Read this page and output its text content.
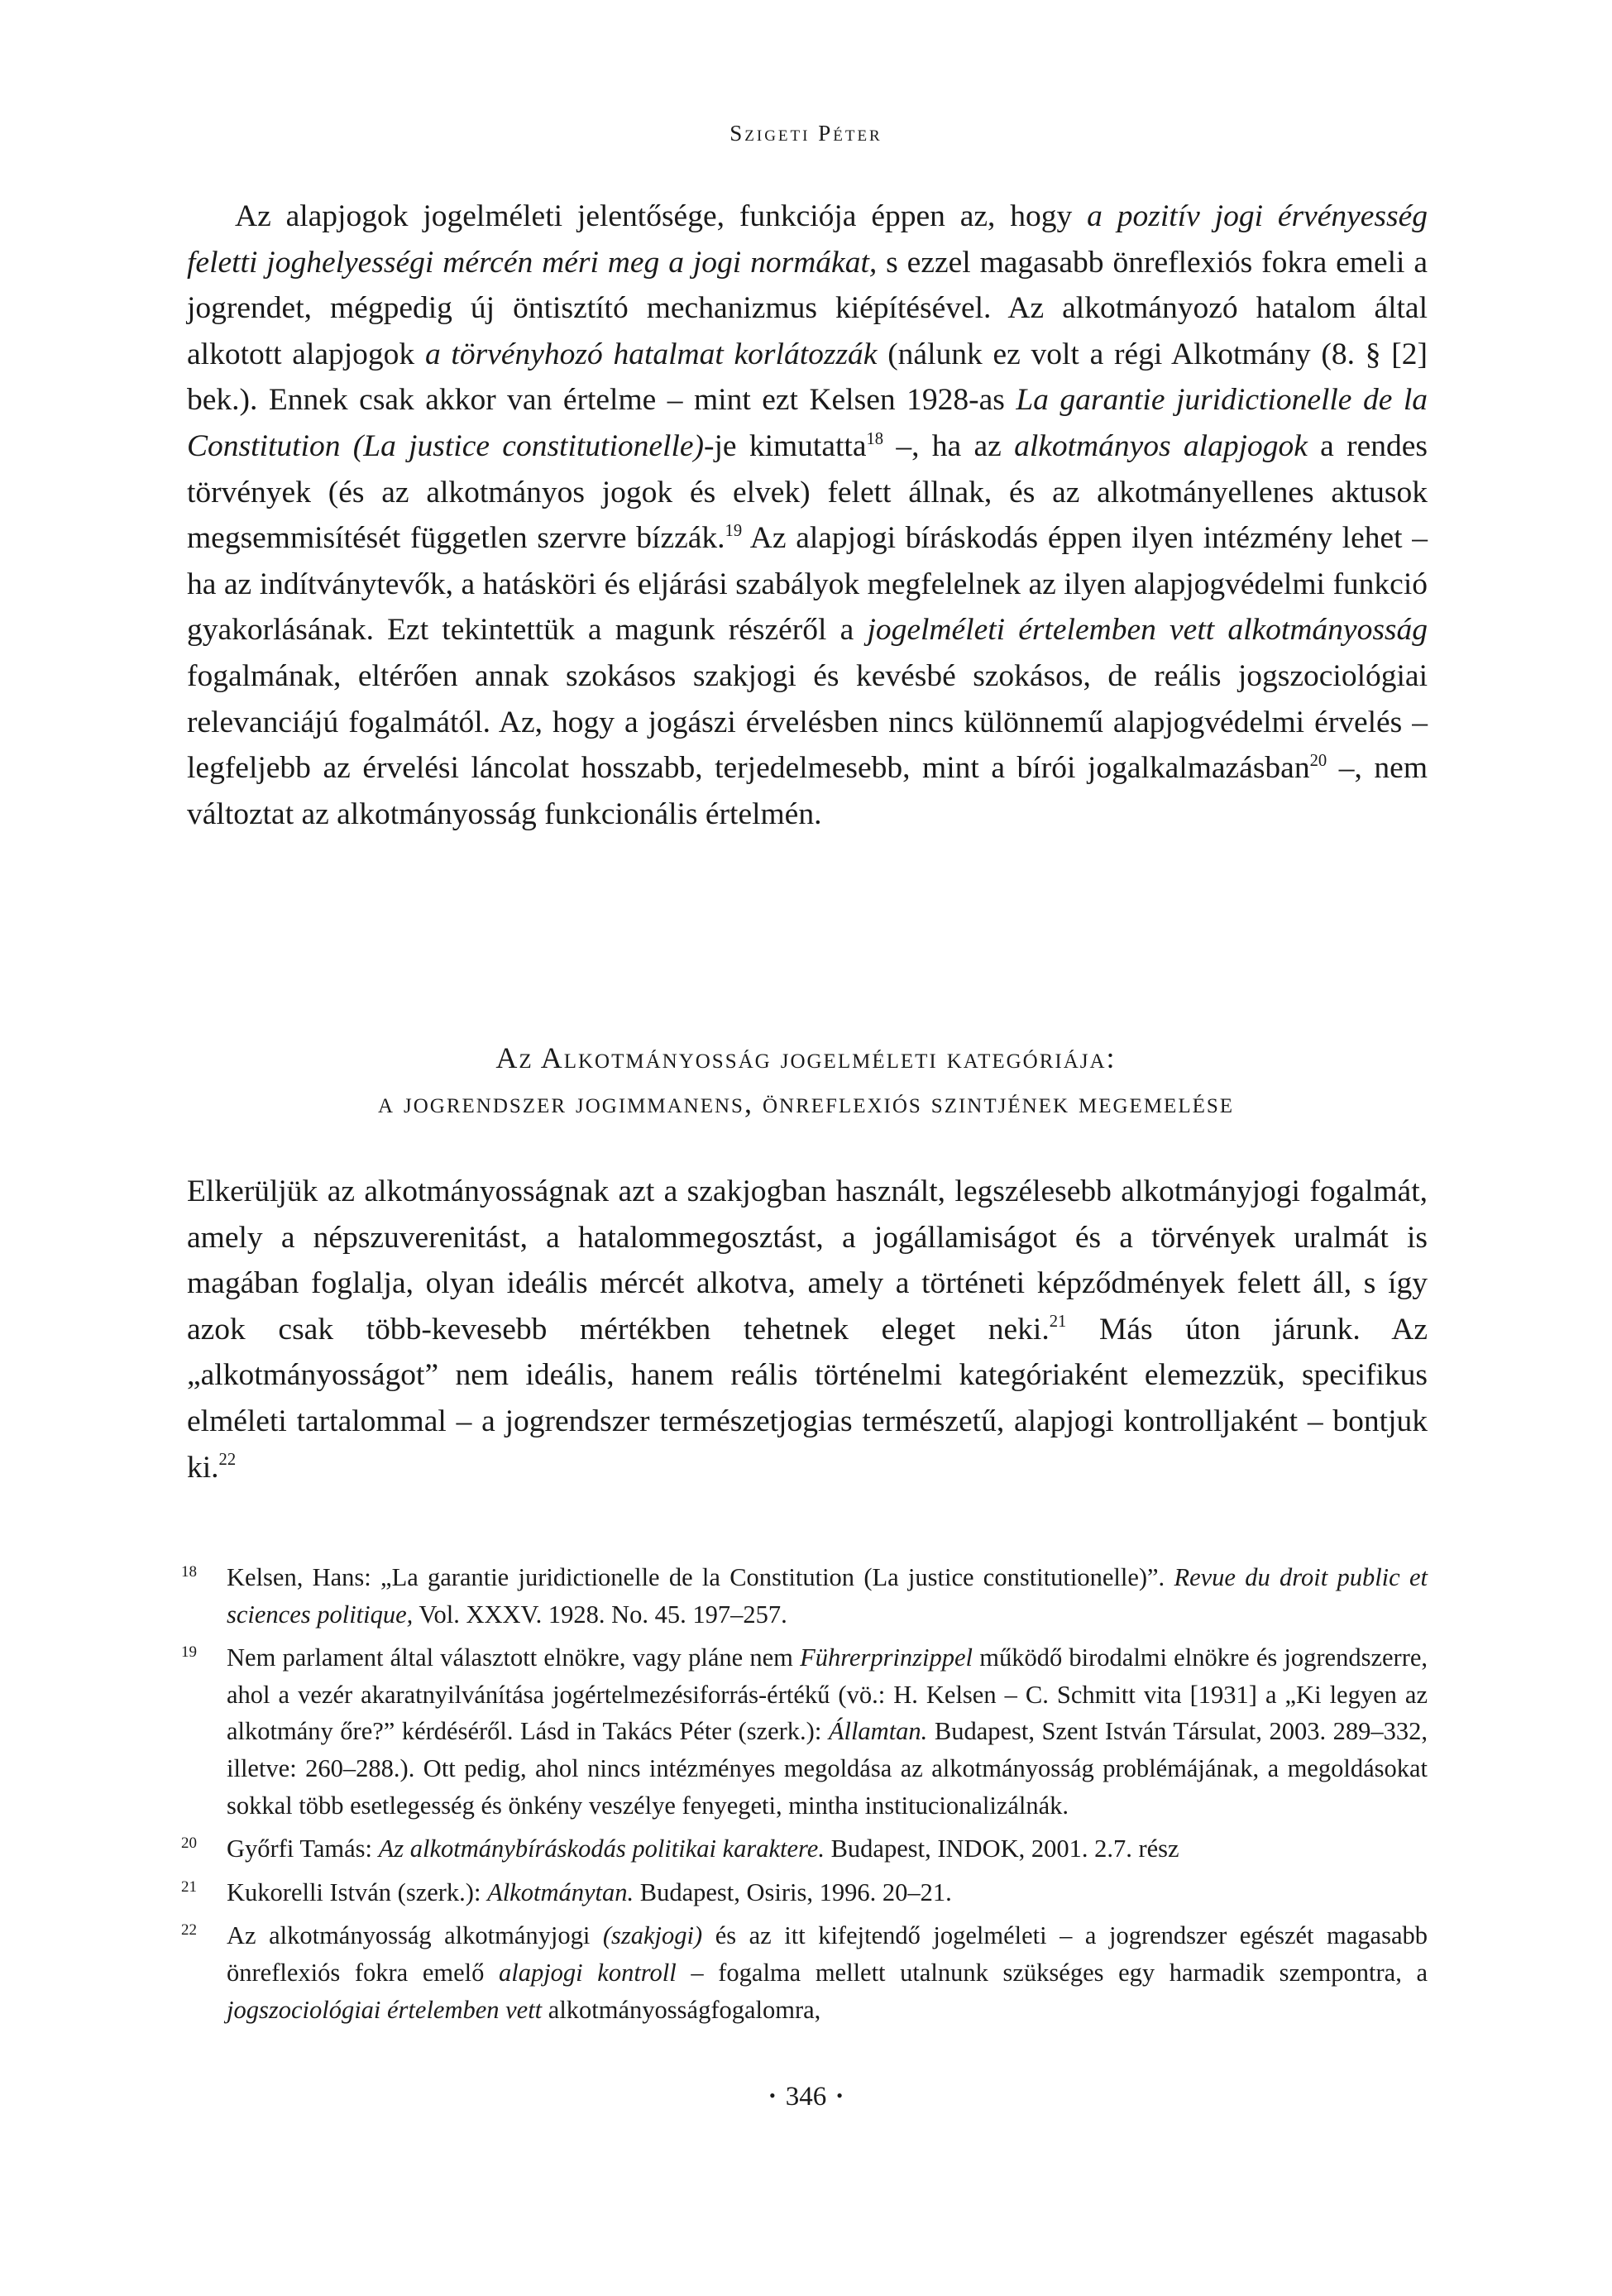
Szigeti Péter

Az alapjogok jogelméleti jelentősége, funkciója éppen az, hogy a pozitív jogi érvényesség feletti joghelyességi mércén méri meg a jogi normákat, s ezzel magasabb önreflexiós fokra emeli a jogrendet, mégpedig új öntisztító mechanizmus kiépítésével. Az alkotmányozó hatalom által alkotott alapjogok a törvényhozó hatalmat korlátozzák (nálunk ez volt a régi Alkotmány (8. § [2] bek.). Ennek csak akkor van értelme – mint ezt Kelsen 1928-as La garantie juridictionelle de la Constitution (La justice constitutionelle)-je kimutatta$^{18}$ –, ha az alkotmányos alapjogok a rendes törvények (és az alkotmányos jogok és elvek) felett állnak, és az alkotmányellenes aktusok megsemmisítését független szervre bízzák.$^{19}$ Az alapjogi bíráskodás éppen ilyen intézmény lehet – ha az indítványtevők, a hatásköri és eljárási szabályok megfelelnek az ilyen alapjogvédelmi funkció gyakorlásának. Ezt tekintettük a magunk részéről a jogelméleti értelemben vett alkotmányosság fogalmának, eltérően annak szokásos szakjogi és kevésbé szokásos, de reális jogszociológiai relevanciájú fogalmától. Az, hogy a jogászi érvelésben nincs különnemű alapjogvédelmi érvelés – legfeljebb az érvelési láncolat hosszabb, terjedelmesebb, mint a bírói jogalkalmazásban$^{20}$ –, nem változtat az alkotmányosság funkcionális értelmén.

Az Alkotmányosság jogelméleti kategóriája:
a jogrendszer jogimmanens, önreflexiós szintjének megemelése

Elkerüljük az alkotmányosságnak azt a szakjogban használt, legszélesebb alkotmányjogi fogalmát, amely a népszuverenitást, a hatalommegosztást, a jogállamiságot és a törvények uralmát is magában foglalja, olyan ideális mércét alkotva, amely a történeti képződmények felett áll, s így azok csak több-kevesebb mértékben tehetnek eleget neki.$^{21}$ Más úton járunk. Az „alkotmányosságot” nem ideális, hanem reális történelmi kategóriaként elemezzük, specifikus elméleti tartalommal – a jogrendszer természetjogias természetű, alapjogi kontrolljaként – bontjuk ki.$^{22}$

18 Kelsen, Hans: „La garantie juridictionelle de la Constitution (La justice constitutionelle)”. Revue du droit public et sciences politique, Vol. XXXV. 1928. No. 45. 197–257.
19 Nem parlament által választott elnökre, vagy pláne nem Führerprinzippel működő birodalmi elnökre és jogrendszerre, ahol a vezér akaratnyilvánítása jogértelmezésiforrás-értékű (vö.: H. Kelsen – C. Schmitt vita [1931] a „Ki legyen az alkotmány őre?” kérdéséről. Lásd in Takács Péter (szerk.): Államtan. Budapest, Szent István Társulat, 2003. 289–332, illetve: 260–288.). Ott pedig, ahol nincs intézményes megoldása az alkotmányosság problémájának, a megoldásokat sokkal több esetlegesség és önkény veszélye fenyegeti, mintha institucionalizálnák.
20 Győrfi Tamás: Az alkotmánybíráskodás politikai karaktere. Budapest, INDOK, 2001. 2.7. rész
21 Kukorelli István (szerk.): Alkotmánytan. Budapest, Osiris, 1996. 20–21.
22 Az alkotmányosság alkotmányjogi (szakjogi) és az itt kifejtendő jogelméleti – a jogrendszer egészét magasabb önreflexiós fokra emelő alapjogi kontroll – fogalma mellett utalnunk szükséges egy harmadik szempontra, a jogszociológiai értelemben vett alkotmányosságfogalomra,
• 346 •
